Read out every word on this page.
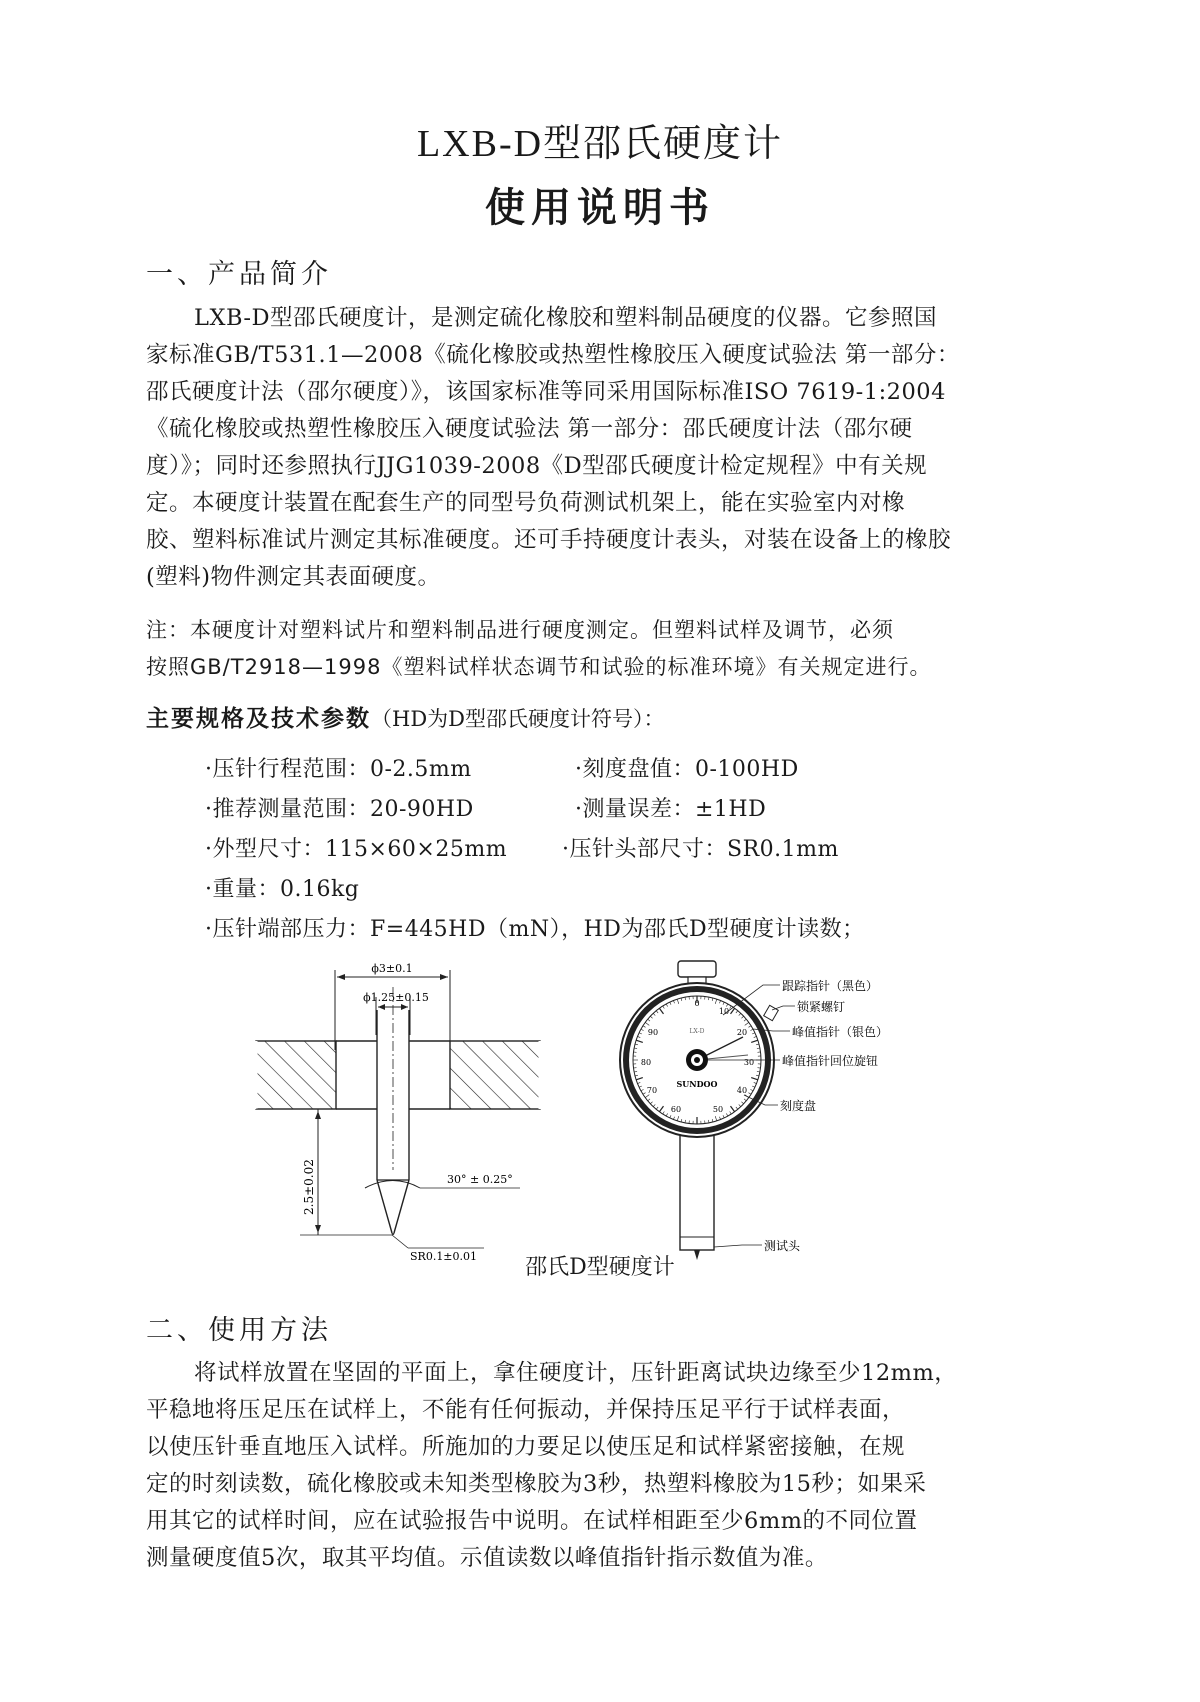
LXB-D型邵氏硬度计
使用说明书
一、产品简介
LXB-D型邵氏硬度计，是测定硫化橡胶和塑料制品硬度的仪器。它参照国
家标准GB/T531.1—2008《硫化橡胶或热塑性橡胶压入硬度试验法 第一部分：
邵氏硬度计法（邵尔硬度）》，该国家标准等同采用国际标准ISO 7619-1:2004
《硫化橡胶或热塑性橡胶压入硬度试验法 第一部分：邵氏硬度计法（邵尔硬
度）》；同时还参照执行JJG1039-2008《D型邵氏硬度计检定规程》中有关规
定。本硬度计装置在配套生产的同型号负荷测试机架上，能在实验室内对橡
胶、塑料标准试片测定其标准硬度。还可手持硬度计表头，对装在设备上的橡胶
(塑料)物件测定其表面硬度。
注：本硬度计对塑料试片和塑料制品进行硬度测定。但塑料试样及调节，必须
按照GB/T2918—1998《塑料试样状态调节和试验的标准环境》有关规定进行。
主要规格及技术参数（HD为D型邵氏硬度计符号）：
·压针行程范围：0-2.5mm	·刻度盘值：0-100HD
·推荐测量范围：20-90HD	·测量误差：±1HD
·外型尺寸：115×60×25mm ·压针头部尺寸：SR0.1mm
·重量：0.16kg
·压针端部压力：F=445HD（mN），HD为邵氏D型硬度计读数；
ϕ3±0.1
ϕ1.25±0.15
2.5±0.02	30° ± 0.25°
SR0.1±0.01
0
10
20
30
40
50
60
70
80
90	LX-D
SUNDOO
跟踪指针（黑色）
锁紧螺钉
峰值指针（银色）
峰值指针回位旋钮
刻度盘
测试头
邵氏D型硬度计
二、使用方法
将试样放置在坚固的平面上，拿住硬度计，压针距离试块边缘至少12mm，
平稳地将压足压在试样上，不能有任何振动，并保持压足平行于试样表面，
以使压针垂直地压入试样。所施加的力要足以使压足和试样紧密接触，在规
定的时刻读数，硫化橡胶或未知类型橡胶为3秒，热塑料橡胶为15秒；如果采
用其它的试样时间，应在试验报告中说明。在试样相距至少6mm的不同位置
测量硬度值5次，取其平均值。示值读数以峰值指针指示数值为准。
